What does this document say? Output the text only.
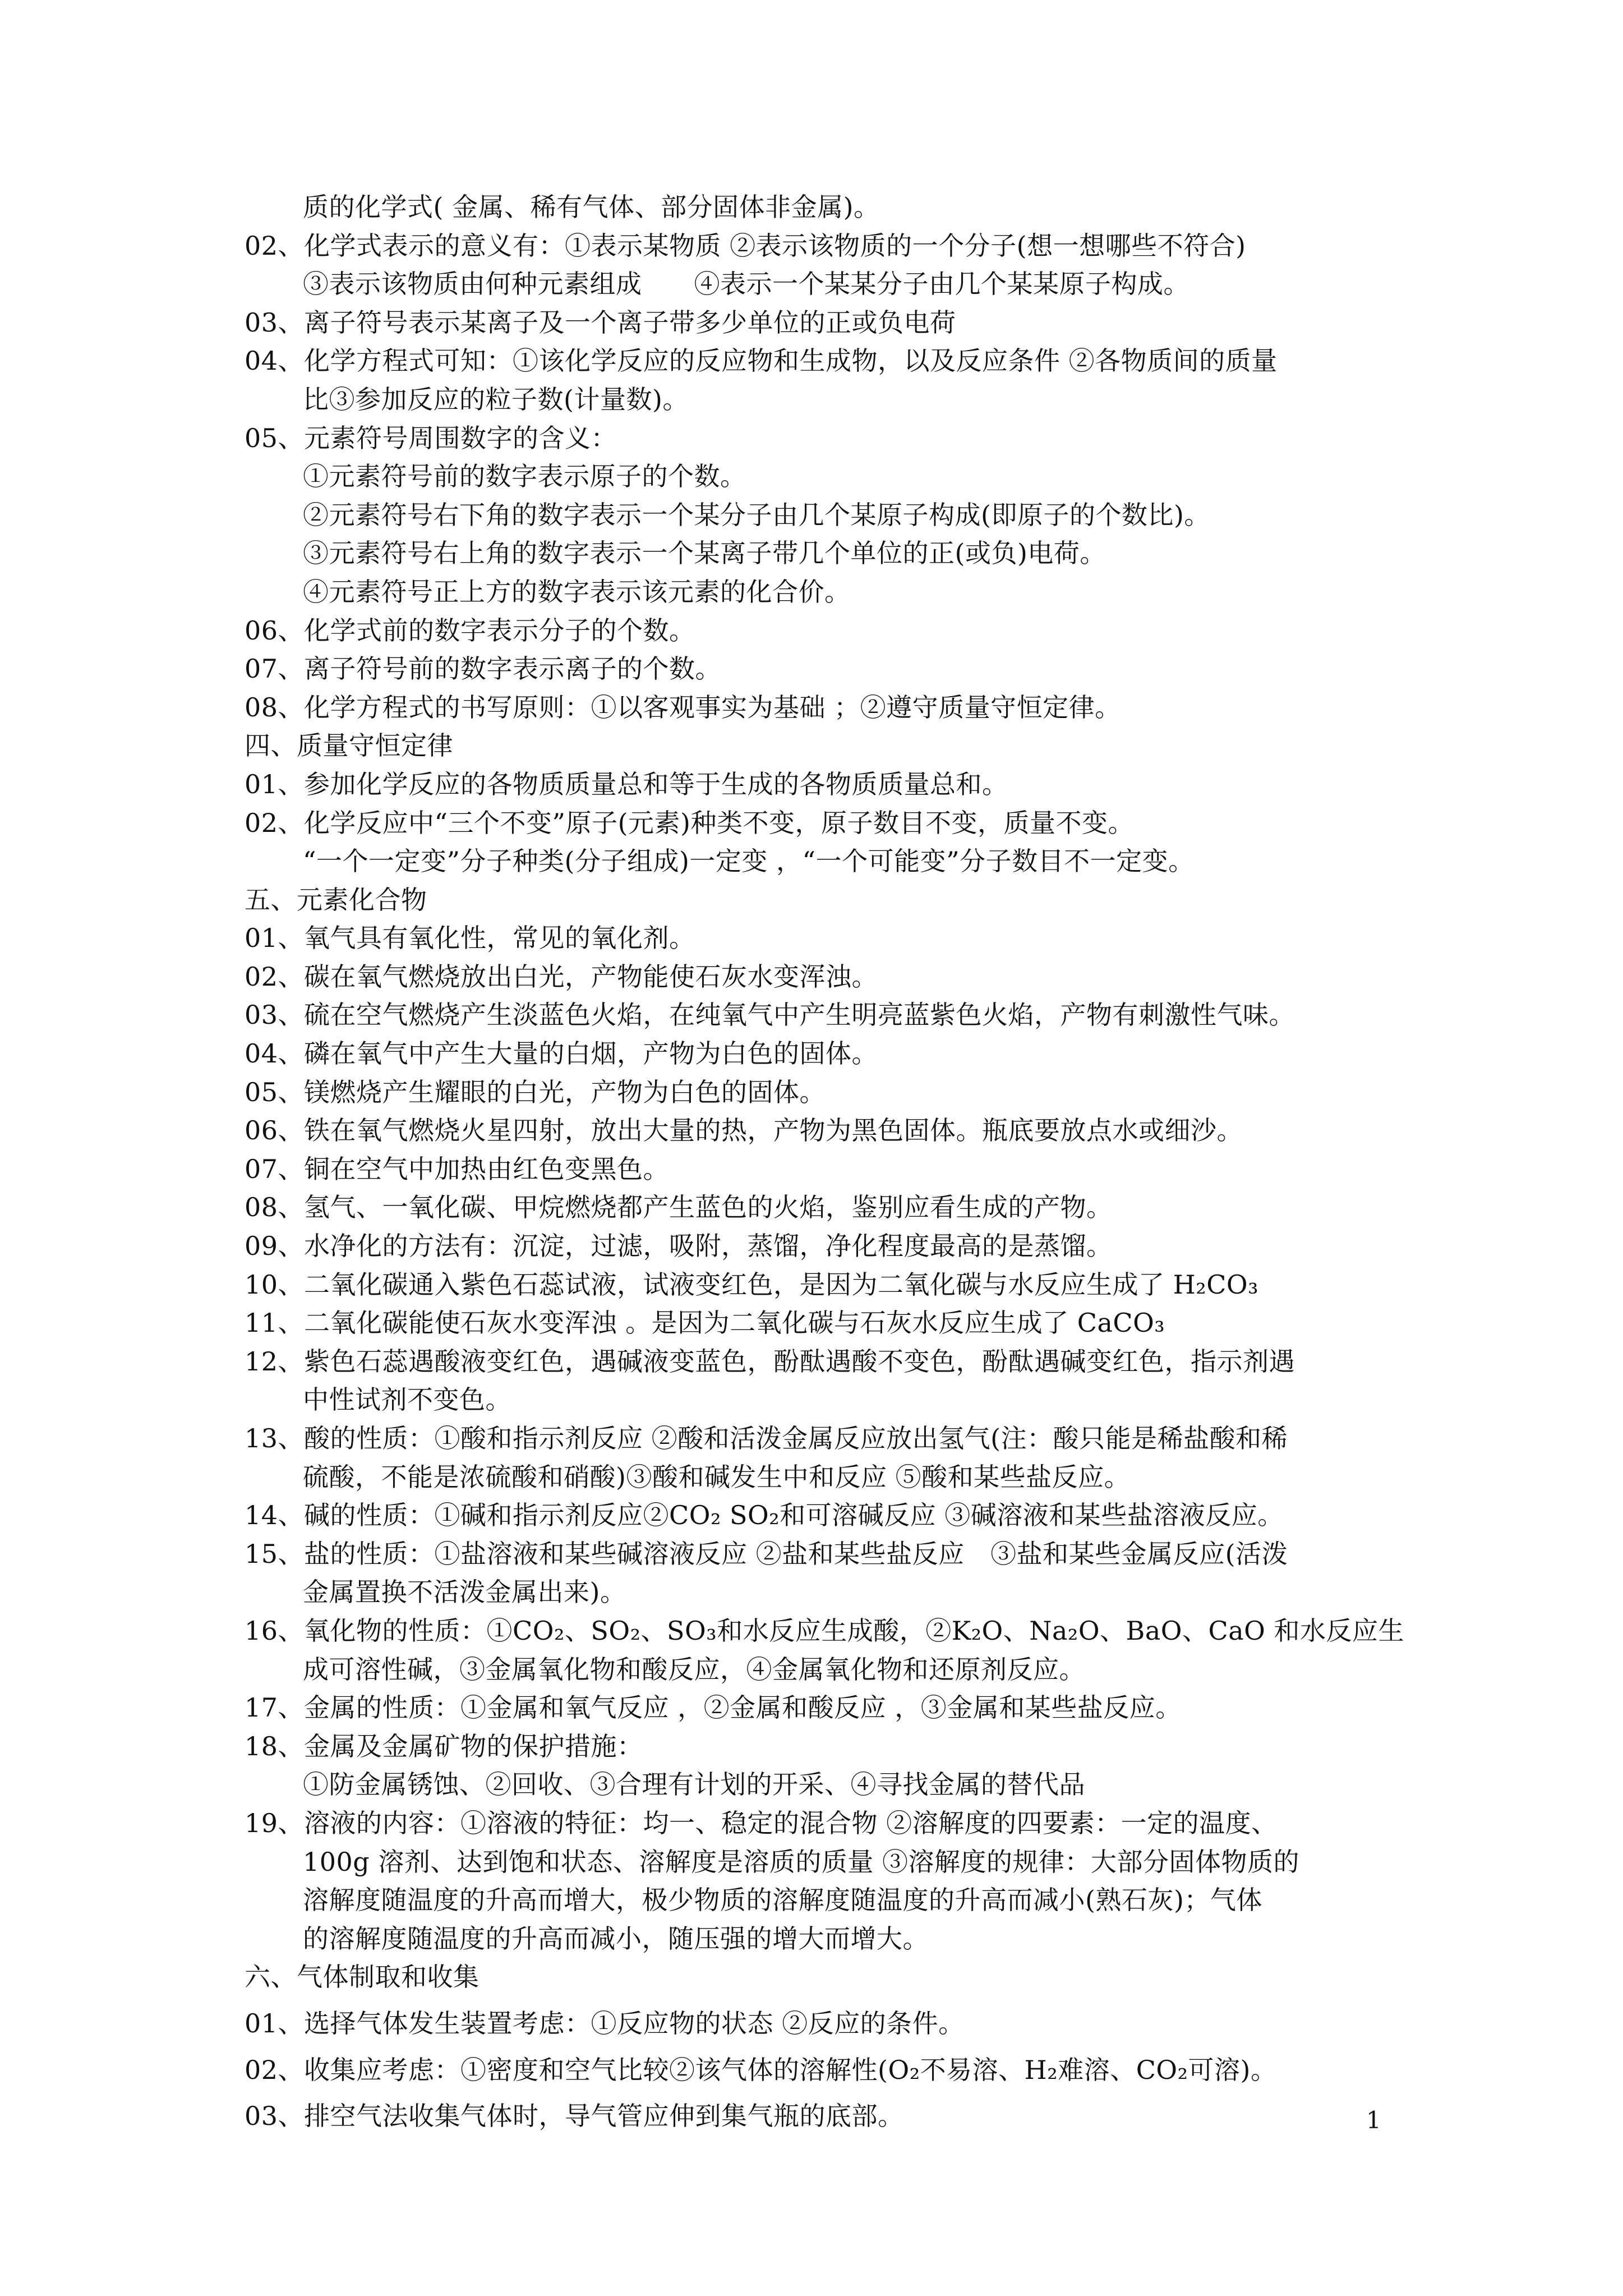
质的化学式( 金属、稀有气体、部分固体非金属)。
02、化学式表示的意义有：①表示某物质 ②表示该物质的一个分子(想一想哪些不符合)
③表示该物质由何种元素组成　　④表示一个某某分子由几个某某原子构成。
03、离子符号表示某离子及一个离子带多少单位的正或负电荷
04、化学方程式可知：①该化学反应的反应物和生成物，以及反应条件 ②各物质间的质量
比③参加反应的粒子数(计量数)。
05、元素符号周围数字的含义：
①元素符号前的数字表示原子的个数。
②元素符号右下角的数字表示一个某分子由几个某原子构成(即原子的个数比)。
③元素符号右上角的数字表示一个某离子带几个单位的正(或负)电荷。
④元素符号正上方的数字表示该元素的化合价。
06、化学式前的数字表示分子的个数。
07、离子符号前的数字表示离子的个数。
08、化学方程式的书写原则：①以客观事实为基础 ；②遵守质量守恒定律。
四、质量守恒定律
01、参加化学反应的各物质质量总和等于生成的各物质质量总和。
02、化学反应中“三个不变”原子(元素)种类不变，原子数目不变，质量不变。
“一个一定变”分子种类(分子组成)一定变 ，“一个可能变”分子数目不一定变。
五、元素化合物
01、氧气具有氧化性，常见的氧化剂。
02、碳在氧气燃烧放出白光，产物能使石灰水变浑浊。
03、硫在空气燃烧产生淡蓝色火焰，在纯氧气中产生明亮蓝紫色火焰，产物有刺激性气味。
04、磷在氧气中产生大量的白烟，产物为白色的固体。
05、镁燃烧产生耀眼的白光，产物为白色的固体。
06、铁在氧气燃烧火星四射，放出大量的热，产物为黑色固体。瓶底要放点水或细沙。
07、铜在空气中加热由红色变黑色。
08、氢气、一氧化碳、甲烷燃烧都产生蓝色的火焰，鉴别应看生成的产物。
09、水净化的方法有：沉淀，过滤，吸附，蒸馏，净化程度最高的是蒸馏。
10、二氧化碳通入紫色石蕊试液，试液变红色，是因为二氧化碳与水反应生成了 H₂CO₃
11、二氧化碳能使石灰水变浑浊 。是因为二氧化碳与石灰水反应生成了 CaCO₃
12、紫色石蕊遇酸液变红色，遇碱液变蓝色，酚酞遇酸不变色，酚酞遇碱变红色，指示剂遇
中性试剂不变色。
13、酸的性质：①酸和指示剂反应 ②酸和活泼金属反应放出氢气(注：酸只能是稀盐酸和稀
硫酸，不能是浓硫酸和硝酸)③酸和碱发生中和反应 ⑤酸和某些盐反应。
14、碱的性质：①碱和指示剂反应②CO₂ SO₂和可溶碱反应 ③碱溶液和某些盐溶液反应。
15、盐的性质：①盐溶液和某些碱溶液反应 ②盐和某些盐反应　③盐和某些金属反应(活泼
金属置换不活泼金属出来)。
16、氧化物的性质：①CO₂、SO₂、SO₃和水反应生成酸，②K₂O、Na₂O、BaO、CaO 和水反应生
成可溶性碱，③金属氧化物和酸反应，④金属氧化物和还原剂反应。
17、金属的性质：①金属和氧气反应 ，②金属和酸反应 ，③金属和某些盐反应。
18、金属及金属矿物的保护措施：
①防金属锈蚀、②回收、③合理有计划的开采、④寻找金属的替代品
19、溶液的内容：①溶液的特征：均一、稳定的混合物 ②溶解度的四要素：一定的温度、
100g 溶剂、达到饱和状态、溶解度是溶质的质量 ③溶解度的规律：大部分固体物质的
溶解度随温度的升高而增大，极少物质的溶解度随温度的升高而减小(熟石灰)；气体
的溶解度随温度的升高而减小，随压强的增大而增大。
六、气体制取和收集
01、选择气体发生装置考虑：①反应物的状态 ②反应的条件。
02、收集应考虑：①密度和空气比较②该气体的溶解性(O₂不易溶、H₂难溶、CO₂可溶)。
03、排空气法收集气体时，导气管应伸到集气瓶的底部。	1
